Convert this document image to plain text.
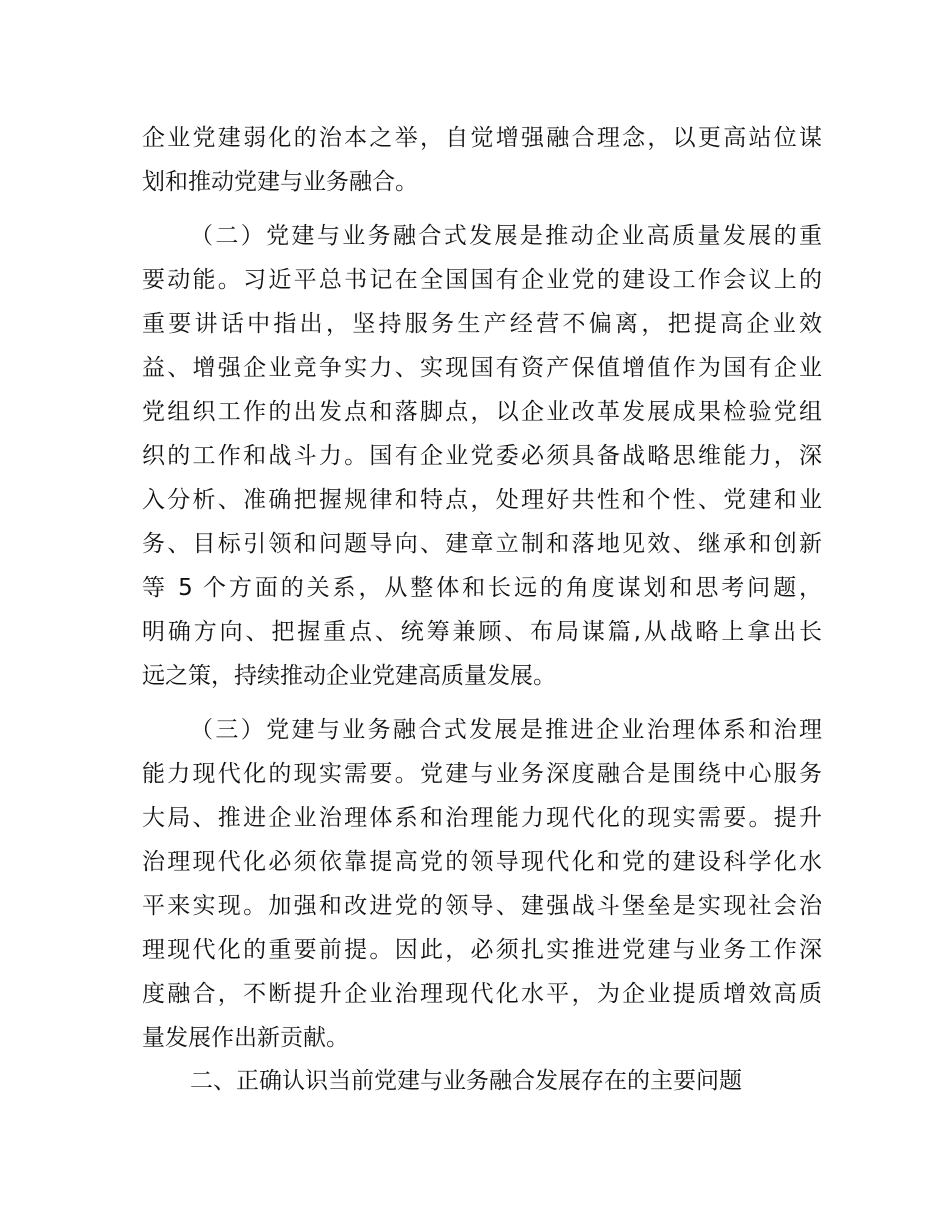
企业党建弱化的治本之举，自觉增强融合理念，以更高站位谋
划和推动党建与业务融合。
（二）党建与业务融合式发展是推动企业高质量发展的重
要动能。习近平总书记在全国国有企业党的建设工作会议上的
重要讲话中指出，坚持服务生产经营不偏离，把提高企业效
益、增强企业竞争实力、实现国有资产保值增值作为国有企业
党组织工作的出发点和落脚点，以企业改革发展成果检验党组
织的工作和战斗力。国有企业党委必须具备战略思维能力，深
入分析、准确把握规律和特点，处理好共性和个性、党建和业
务、目标引领和问题导向、建章立制和落地见效、继承和创新
等 5 个方面的关系，从整体和长远的角度谋划和思考问题，
明确方向、把握重点、统筹兼顾、布局谋篇,从战略上拿出长
远之策，持续推动企业党建高质量发展。
（三）党建与业务融合式发展是推进企业治理体系和治理
能力现代化的现实需要。党建与业务深度融合是围绕中心服务
大局、推进企业治理体系和治理能力现代化的现实需要。提升
治理现代化必须依靠提高党的领导现代化和党的建设科学化水
平来实现。加强和改进党的领导、建强战斗堡垒是实现社会治
理现代化的重要前提。因此，必须扎实推进党建与业务工作深
度融合，不断提升企业治理现代化水平，为企业提质增效高质
量发展作出新贡献。
二、正确认识当前党建与业务融合发展存在的主要问题
